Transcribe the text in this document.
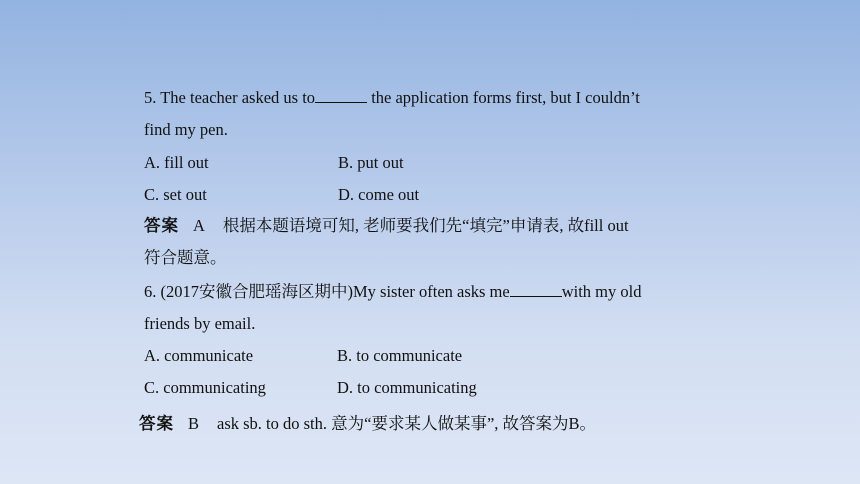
5. The teacher asked us to	the application forms first, but I couldn’t
find my pen.
A. fill out	B. put out
C. set out	D. come out
答案 A 根据本题语境可知, 老师要我们先“填完”申请表, 故fill out
符合题意。
6. (2017安徽合肥瑶海区期中)My sister often asks me	with my old
friends by email.
A. communicate	B. to communicate
C. communicating	D. to communicating
答案 B ask sb. to do sth. 意为“要求某人做某事”, 故答案为B。
